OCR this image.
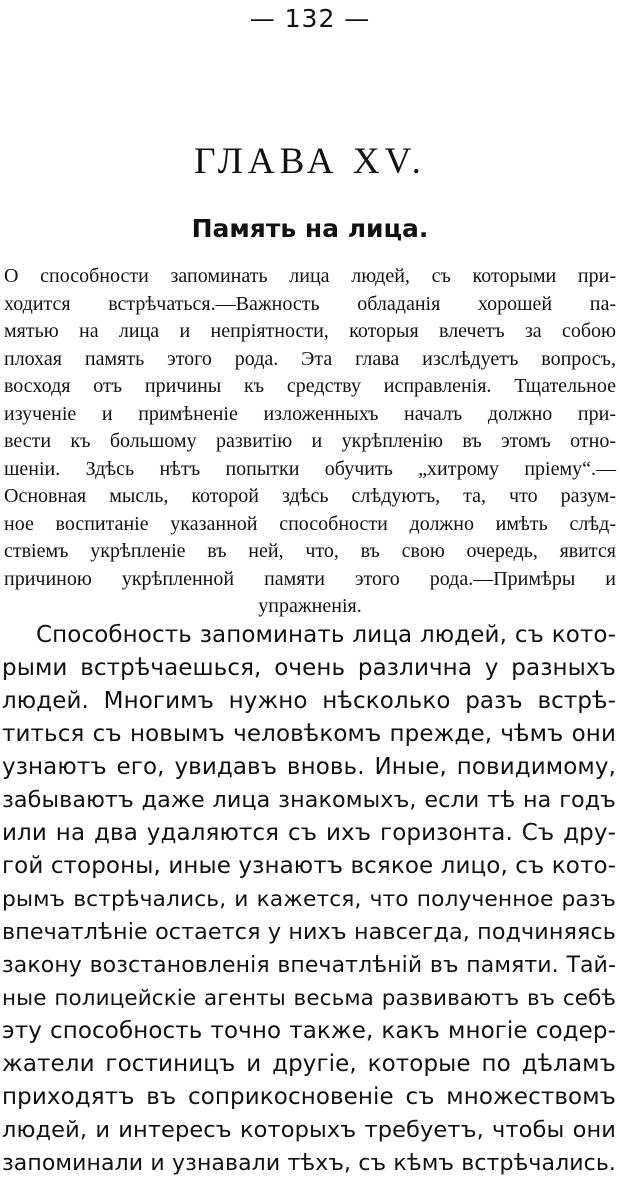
— 132 —
ГЛАВА XV.
Память на лица.
О способности запоминать лица людей, съ которыми при-
ходится встрѣчаться.—Важность обладанія хорошей па-
мятью на лица и непріятности, которыя влечетъ за собою
плохая память этого рода. Эта глава изслѣдуетъ вопросъ,
восходя отъ причины къ средству исправленія. Тщательное
изученіе и примѣненіе изложенныхъ началъ должно при-
вести къ большому развитію и укрѣпленію въ этомъ отно-
шеніи. Здѣсь нѣтъ попытки обучить „хитрому пріему“.—
Основная мысль, которой здѣсь слѣдуютъ, та, что разум-
ное воспитаніе указанной способности должно имѣть слѣд-
ствіемъ укрѣпленіе въ ней, что, въ свою очередь, явится
причиною укрѣпленной памяти этого рода.—Примѣры и
упражненія.
Способность запоминать лица людей, съ кото-
рыми встрѣчаешься, очень различна у разныхъ
людей. Многимъ нужно нѣсколько разъ встрѣ-
титься съ новымъ человѣкомъ прежде, чѣмъ они
узнаютъ его, увидавъ вновь. Иные, повидимому,
забываютъ даже лица знакомыхъ, если тѣ на годъ
или на два удаляются съ ихъ горизонта. Съ дру-
гой стороны, иные узнаютъ всякое лицо, съ кото-
рымъ встрѣчались, и кажется, что полученное разъ
впечатлѣніе остается у нихъ навсегда, подчиняясь
закону возстановленія впечатлѣній въ памяти. Тай-
ные полицейскіе агенты весьма развиваютъ въ себѣ
эту способность точно также, какъ многіе содер-
жатели гостиницъ и другіе, которые по дѣламъ
приходятъ въ соприкосновеніе съ множествомъ
людей, и интересъ которыхъ требуетъ, чтобы они
запоминали и узнавали тѣхъ, съ кѣмъ встрѣчались.
